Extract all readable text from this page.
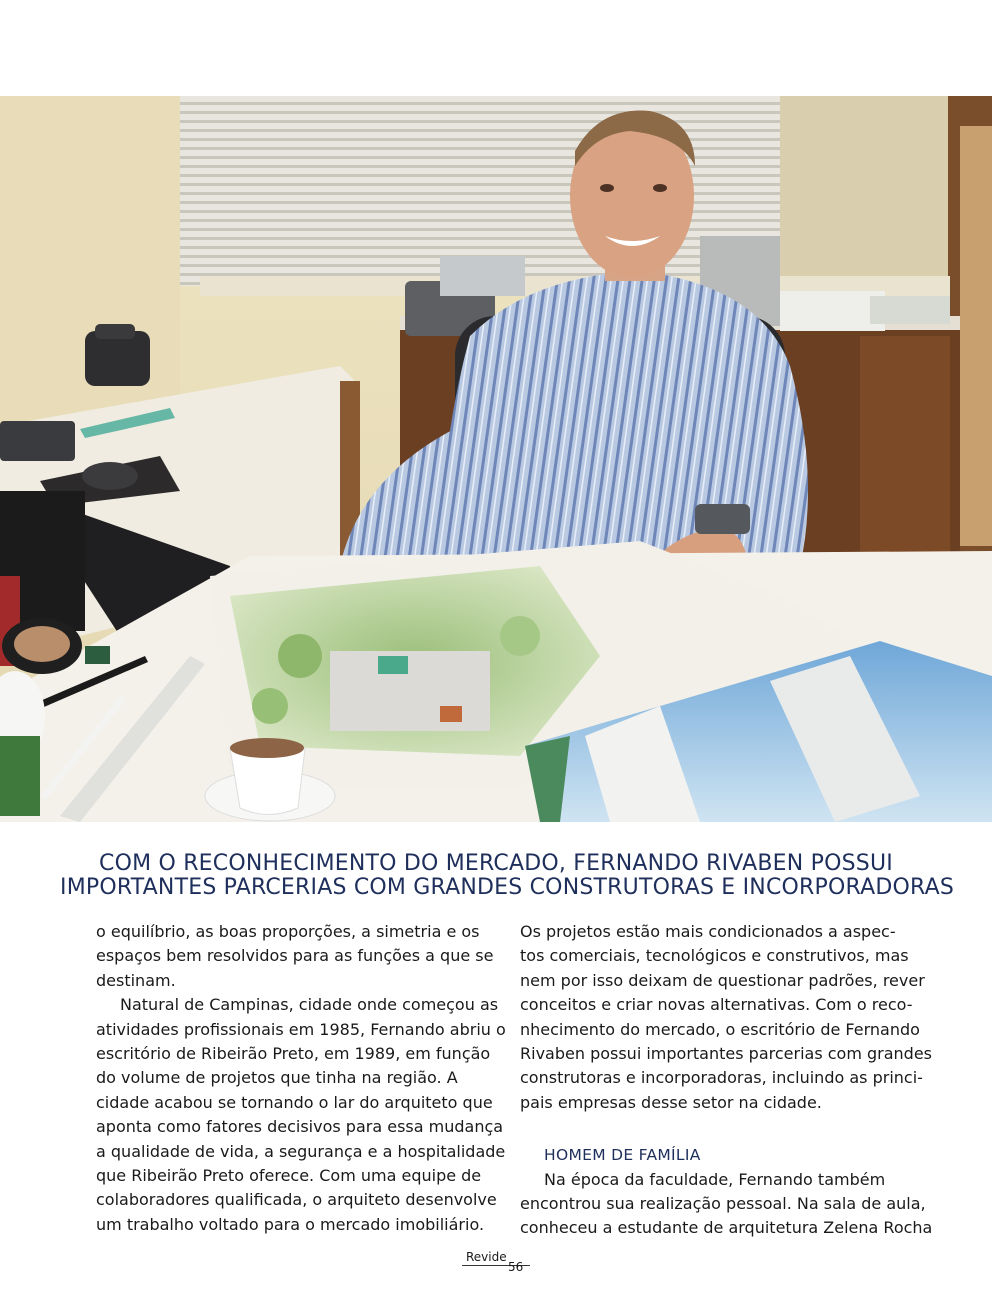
COM O RECONHECIMENTO DO MERCADO, FERNANDO RIVABEN POSSUI
IMPORTANTES PARCERIAS COM GRANDES CONSTRUTORAS E INCORPORADORAS

o equilíbrio, as boas proporções, a simetria e os
espaços bem resolvidos para as funções a que se
destinam.

Natural de Campinas, cidade onde começou as
atividades profissionais em 1985, Fernando abriu o
escritório de Ribeirão Preto, em 1989, em função
do volume de projetos que tinha na região. A
cidade acabou se tornando o lar do arquiteto que
aponta como fatores decisivos para essa mudança
a qualidade de vida, a segurança e a hospitalidade
que Ribeirão Preto oferece. Com uma equipe de
colaboradores qualificada, o arquiteto desenvolve
um trabalho voltado para o mercado imobiliário.

Os projetos estão mais condicionados a aspec-
tos comerciais, tecnológicos e construtivos, mas
nem por isso deixam de questionar padrões, rever
conceitos e criar novas alternativas. Com o reco-
nhecimento do mercado, o escritório de Fernando
Rivaben possui importantes parcerias com grandes
construtoras e incorporadoras, incluindo as princi-
pais empresas desse setor na cidade.

HOMEM DE FAMÍLIA

Na época da faculdade, Fernando também
encontrou sua realização pessoal. Na sala de aula,
conheceu a estudante de arquitetura Zelena Rocha

Revide
56
